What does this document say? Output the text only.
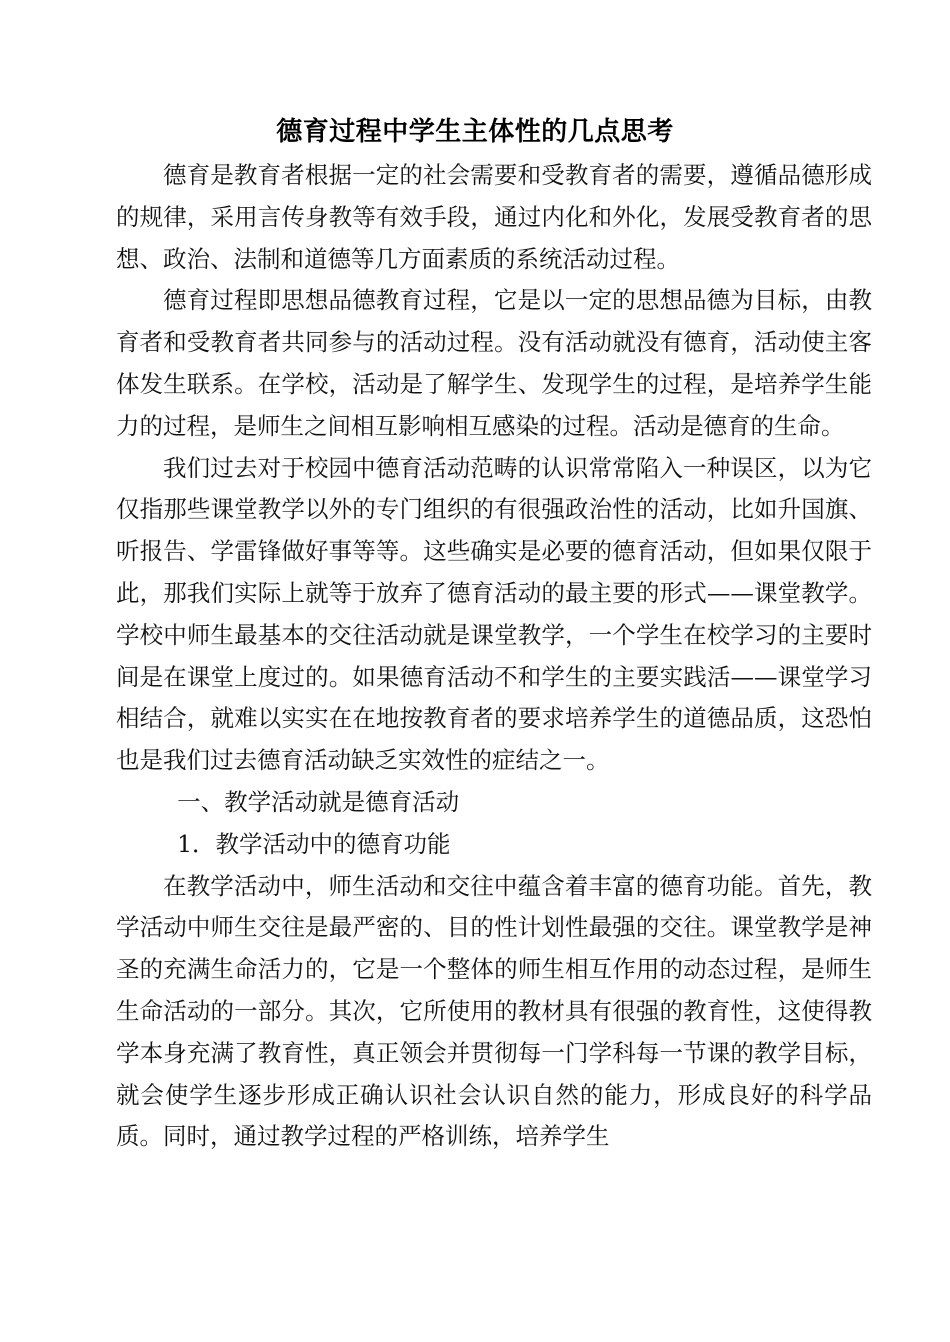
德育过程中学生主体性的几点思考

德育是教育者根据一定的社会需要和受教育者的需要，遵循品德形成的规律，采用言传身教等有效手段，通过内化和外化，发展受教育者的思想、政治、法制和道德等几方面素质的系统活动过程。

德育过程即思想品德教育过程，它是以一定的思想品德为目标，由教育者和受教育者共同参与的活动过程。没有活动就没有德育，活动使主客体发生联系。在学校，活动是了解学生、发现学生的过程，是培养学生能力的过程，是师生之间相互影响相互感染的过程。活动是德育的生命。

我们过去对于校园中德育活动范畴的认识常常陷入一种误区，以为它仅指那些课堂教学以外的专门组织的有很强政治性的活动，比如升国旗、听报告、学雷锋做好事等等。这些确实是必要的德育活动，但如果仅限于此，那我们实际上就等于放弃了德育活动的最主要的形式——课堂教学。学校中师生最基本的交往活动就是课堂教学，一个学生在校学习的主要时间是在课堂上度过的。如果德育活动不和学生的主要实践活——课堂学习相结合，就难以实实在在地按教育者的要求培养学生的道德品质，这恐怕也是我们过去德育活动缺乏实效性的症结之一。

一、教学活动就是德育活动

1．教学活动中的德育功能

在教学活动中，师生活动和交往中蕴含着丰富的德育功能。首先，教学活动中师生交往是最严密的、目的性计划性最强的交往。课堂教学是神圣的充满生命活力的，它是一个整体的师生相互作用的动态过程，是师生生命活动的一部分。其次，它所使用的教材具有很强的教育性，这使得教学本身充满了教育性，真正领会并贯彻每一门学科每一节课的教学目标，就会使学生逐步形成正确认识社会认识自然的能力，形成良好的科学品质。同时，通过教学过程的严格训练，培养学生
